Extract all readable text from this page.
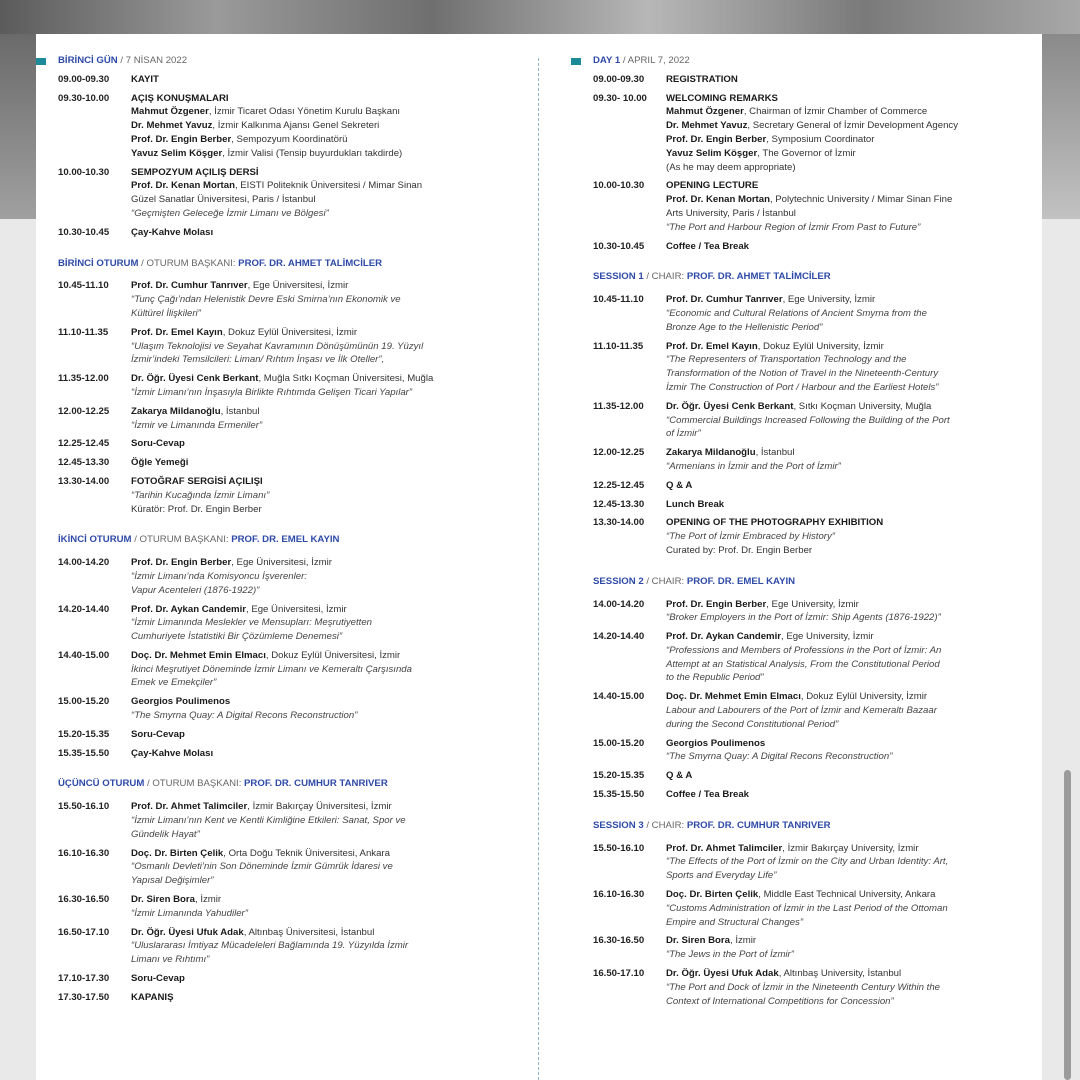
BİRİNCİ GÜN / 7 NİSAN 2022
09.00-09.30	KAYIT
09.30-10.00	AÇIŞ KONUŞMALARI
Mahmut Özgener, İzmir Ticaret Odası Yönetim Kurulu Başkanı
Dr. Mehmet Yavuz, İzmir Kalkınma Ajansı Genel Sekreteri
Prof. Dr. Engin Berber, Sempozyum Koordinatörü
Yavuz Selim Köşger, İzmir Valisi (Tensip buyurdukları takdirde)
10.00-10.30	SEMPOZYUM AÇILIŞ DERSİ
Prof. Dr. Kenan Mortan, EISTI Politeknik Üniversitesi / Mimar Sinan
Güzel Sanatlar Üniversitesi, Paris / İstanbul
“Geçmişten Geleceğe İzmir Limanı ve Bölgesi”
10.30-10.45	Çay-Kahve Molası
BİRİNCİ OTURUM / OTURUM BAŞKANI: PROF. DR. AHMET TALİMCİLER
10.45-11.10	Prof. Dr. Cumhur Tanrıver, Ege Üniversitesi, İzmir
“Tunç Çağı’ndan Helenistik Devre Eski Smirna’nın Ekonomik ve
Kültürel İlişkileri”
11.10-11.35	Prof. Dr. Emel Kayın, Dokuz Eylül Üniversitesi, İzmir
“Ulaşım Teknolojisi ve Seyahat Kavramının Dönüşümünün 19. Yüzyıl
İzmir’indeki Temsilcileri: Liman/ Rıhtım İnşası ve İlk Oteller”,
11.35-12.00	Dr. Öğr. Üyesi Cenk Berkant, Muğla Sıtkı Koçman Üniversitesi, Muğla
“İzmir Limanı’nın İnşasıyla Birlikte Rıhtımda Gelişen Ticari Yapılar”
12.00-12.25	Zakarya Mildanoğlu, İstanbul
“İzmir ve Limanında Ermeniler”
12.25-12.45	Soru-Cevap
12.45-13.30	Öğle Yemeği
13.30-14.00	FOTOĞRAF SERGİSİ AÇILIŞI
“Tarihin Kucağında İzmir Limanı”
Küratör: Prof. Dr. Engin Berber
İKİNCİ OTURUM / OTURUM BAŞKANI: PROF. DR. EMEL KAYIN
14.00-14.20	Prof. Dr. Engin Berber, Ege Üniversitesi, İzmir
“İzmir Limanı’nda Komisyoncu İşverenler:
Vapur Acenteleri (1876-1922)”
14.20-14.40	Prof. Dr. Aykan Candemir, Ege Üniversitesi, İzmir
“İzmir Limanında Meslekler ve Mensupları: Meşrutiyetten
Cumhuriyete İstatistiki Bir Çözümleme Denemesi”
14.40-15.00	Doç. Dr. Mehmet Emin Elmacı, Dokuz Eylül Üniversitesi, İzmir
İkinci Meşrutiyet Döneminde İzmir Limanı ve Kemeraltı Çarşısında
Emek ve Emekçiler”
15.00-15.20	Georgios Poulimenos
“The Smyrna Quay: A Digital Recons Reconstruction”
15.20-15.35	Soru-Cevap
15.35-15.50	Çay-Kahve Molası
ÜÇÜNCÜ OTURUM / OTURUM BAŞKANI: PROF. DR. CUMHUR TANRIVER
15.50-16.10	Prof. Dr. Ahmet Talimciler, İzmir Bakırçay Üniversitesi, İzmir
“İzmir Limanı’nın Kent ve Kentli Kimliğine Etkileri: Sanat, Spor ve
Gündelik Hayat”
16.10-16.30	Doç. Dr. Birten Çelik, Orta Doğu Teknik Üniversitesi, Ankara
“Osmanlı Devleti’nin Son Döneminde İzmir Gümrük İdaresi ve
Yapısal Değişimler”
16.30-16.50	Dr. Siren Bora, İzmir
“İzmir Limanında Yahudiler”
16.50-17.10	Dr. Öğr. Üyesi Ufuk Adak, Altınbaş Üniversitesi, İstanbul
“Uluslararası İmtiyaz Mücadeleleri Bağlamında 19. Yüzyılda İzmir
Limanı ve Rıhtımı”
17.10-17.30	Soru-Cevap
17.30-17.50	KAPANIŞ
DAY 1 / APRIL 7, 2022
09.00-09.30	REGISTRATION
09.30- 10.00	WELCOMING REMARKS
Mahmut Özgener, Chairman of İzmir Chamber of Commerce
Dr. Mehmet Yavuz, Secretary General of İzmir Development Agency
Prof. Dr. Engin Berber, Symposium Coordinator
Yavuz Selim Köşger, The Governor of İzmir
(As he may deem appropriate)
10.00-10.30	OPENING LECTURE
Prof. Dr. Kenan Mortan, Polytechnic University / Mimar Sinan Fine
Arts University, Paris / İstanbul
“The Port and Harbour Region of İzmir From Past to Future”
10.30-10.45	Coffee / Tea Break
SESSION 1 / CHAIR: PROF. DR. AHMET TALİMCİLER
10.45-11.10	Prof. Dr. Cumhur Tanrıver, Ege University, İzmir
“Economic and Cultural Relations of Ancient Smyrna from the
Bronze Age to the Hellenistic Period”
11.10-11.35	Prof. Dr. Emel Kayın, Dokuz Eylül University, İzmir
“The Representers of Transportation Technology and the
Transformation of the Notion of Travel in the Nineteenth-Century
İzmir The Construction of Port / Harbour and the Earliest Hotels”
11.35-12.00	Dr. Öğr. Üyesi Cenk Berkant, Sıtkı Koçman University, Muğla
“Commercial Buildings Increased Following the Building of the Port
of İzmir”
12.00-12.25	Zakarya Mildanoğlu, İstanbul
“Armenians in İzmir and the Port of İzmir”
12.25-12.45	Q & A
12.45-13.30	Lunch Break
13.30-14.00	OPENING OF THE PHOTOGRAPHY EXHIBITION
“The Port of İzmir Embraced by History”
Curated by: Prof. Dr. Engin Berber
SESSION 2 / CHAIR: PROF. DR. EMEL KAYIN
14.00-14.20	Prof. Dr. Engin Berber, Ege University, İzmir
“Broker Employers in the Port of İzmir: Ship Agents (1876-1922)”
14.20-14.40	Prof. Dr. Aykan Candemir, Ege University, İzmir
“Professions and Members of Professions in the Port of İzmir: An
Attempt at an Statistical Analysis, From the Constitutional Period
to the Republic Period”
14.40-15.00	Doç. Dr. Mehmet Emin Elmacı, Dokuz Eylül University, İzmir
Labour and Labourers of the Port of İzmir and Kemeraltı Bazaar
during the Second Constitutional Period”
15.00-15.20	Georgios Poulimenos
“The Smyrna Quay: A Digital Recons Reconstruction”
15.20-15.35	Q & A
15.35-15.50	Coffee / Tea Break
SESSION 3 / CHAIR: PROF. DR. CUMHUR TANRIVER
15.50-16.10	Prof. Dr. Ahmet Talimciler, İzmir Bakırçay University, İzmir
“The Effects of the Port of İzmir on the City and Urban Identity: Art,
Sports and Everyday Life”
16.10-16.30	Doç. Dr. Birten Çelik, Middle East Technical University, Ankara
“Customs Administration of İzmir in the Last Period of the Ottoman
Empire and Structural Changes”
16.30-16.50	Dr. Siren Bora, İzmir
“The Jews in the Port of İzmir”
16.50-17.10	Dr. Öğr. Üyesi Ufuk Adak, Altınbaş University, İstanbul
“The Port and Dock of İzmir in the Nineteenth Century Within the
Context of International Competitions for Concession”
